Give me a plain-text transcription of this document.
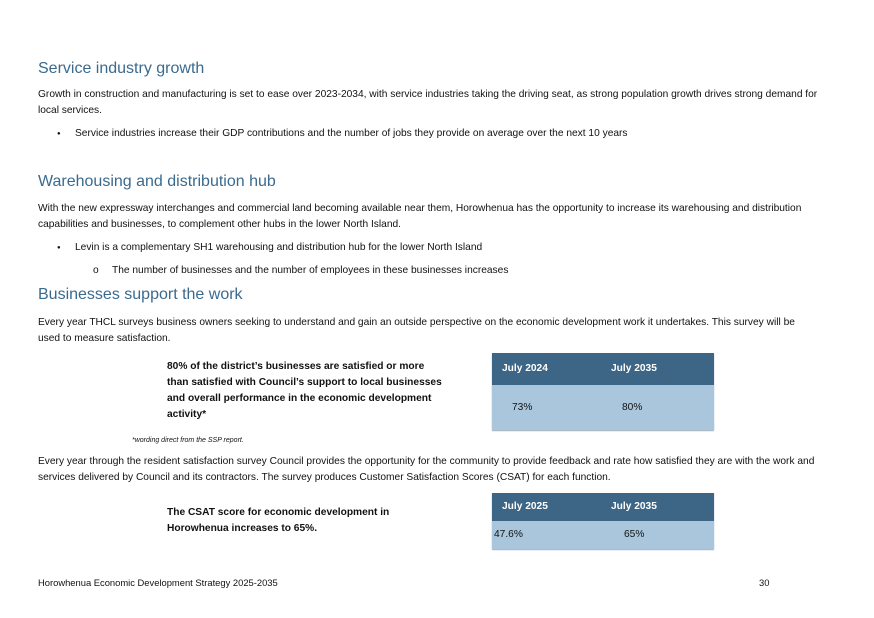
Service industry growth

Growth in construction and manufacturing is set to ease over 2023-2034, with service industries taking the driving seat, as strong population growth drives strong demand for local services.

● Service industries increase their GDP contributions and the number of jobs they provide on average over the next 10 years

Warehousing and distribution hub

With the new expressway interchanges and commercial land becoming available near them, Horowhenua has the opportunity to increase its warehousing and distribution capabilities and businesses, to complement other hubs in the lower North Island.

● Levin is a complementary SH1 warehousing and distribution hub for the lower North Island

o The number of businesses and the number of employees in these businesses increases

Businesses support the work

Every year THCL surveys business owners seeking to understand and gain an outside perspective on the economic development work it undertakes. This survey will be used to measure satisfaction.

80% of the district’s businesses are satisfied or more than satisfied with Council’s support to local businesses and overall performance in the economic development activity*

July 2024	July 2035
73%	80%

*wording direct from the SSP report.

Every year through the resident satisfaction survey Council provides the opportunity for the community to provide feedback and rate how satisfied they are with the work and services delivered by Council and its contractors. The survey produces Customer Satisfaction Scores (CSAT) for each function.

The CSAT score for economic development in Horowhenua increases to 65%.

July 2025	July 2035
47.6%	65%

Horowhenua Economic Development Strategy 2025-2035	30
